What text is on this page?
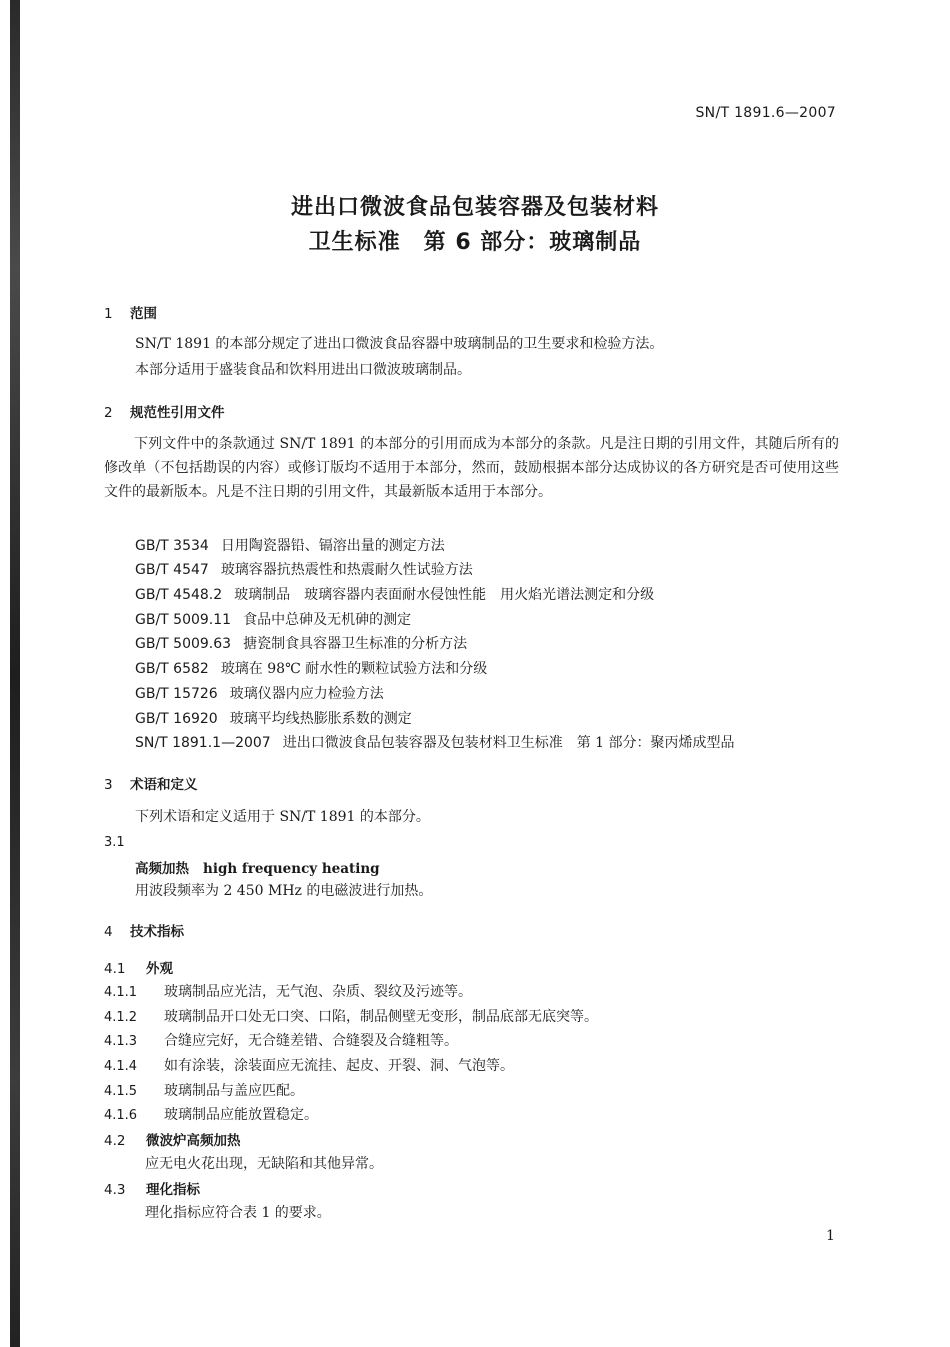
SN/T 1891.6—2007
进出口微波食品包装容器及包装材料
卫生标准　第 6 部分：玻璃制品
1 范围
SN/T 1891 的本部分规定了进出口微波食品容器中玻璃制品的卫生要求和检验方法。
本部分适用于盛装食品和饮料用进出口微波玻璃制品。
2 规范性引用文件
下列文件中的条款通过 SN/T 1891 的本部分的引用而成为本部分的条款。凡是注日期的引用文件，其随后所有的修改单（不包括勘误的内容）或修订版均不适用于本部分，然而，鼓励根据本部分达成协议的各方研究是否可使用这些文件的最新版本。凡是不注日期的引用文件，其最新版本适用于本部分。
GB/T 3534 日用陶瓷器铅、镉溶出量的测定方法
GB/T 4547 玻璃容器抗热震性和热震耐久性试验方法
GB/T 4548.2 玻璃制品　玻璃容器内表面耐水侵蚀性能　用火焰光谱法测定和分级
GB/T 5009.11 食品中总砷及无机砷的测定
GB/T 5009.63 搪瓷制食具容器卫生标准的分析方法
GB/T 6582 玻璃在 98℃ 耐水性的颗粒试验方法和分级
GB/T 15726 玻璃仪器内应力检验方法
GB/T 16920 玻璃平均线热膨胀系数的测定
SN/T 1891.1—2007 进出口微波食品包装容器及包装材料卫生标准　第 1 部分：聚丙烯成型品
3 术语和定义
下列术语和定义适用于 SN/T 1891 的本部分。
3.1
高频加热 high frequency heating
用波段频率为 2 450 MHz 的电磁波进行加热。
4 技术指标
4.1 外观
4.1.1 玻璃制品应光洁，无气泡、杂质、裂纹及污迹等。
4.1.2 玻璃制品开口处无口突、口陷，制品侧壁无变形，制品底部无底突等。
4.1.3 合缝应完好，无合缝差错、合缝裂及合缝粗等。
4.1.4 如有涂装，涂装面应无流挂、起皮、开裂、洞、气泡等。
4.1.5 玻璃制品与盖应匹配。
4.1.6 玻璃制品应能放置稳定。
4.2 微波炉高频加热
应无电火花出现，无缺陷和其他异常。
4.3 理化指标
理化指标应符合表 1 的要求。
1
